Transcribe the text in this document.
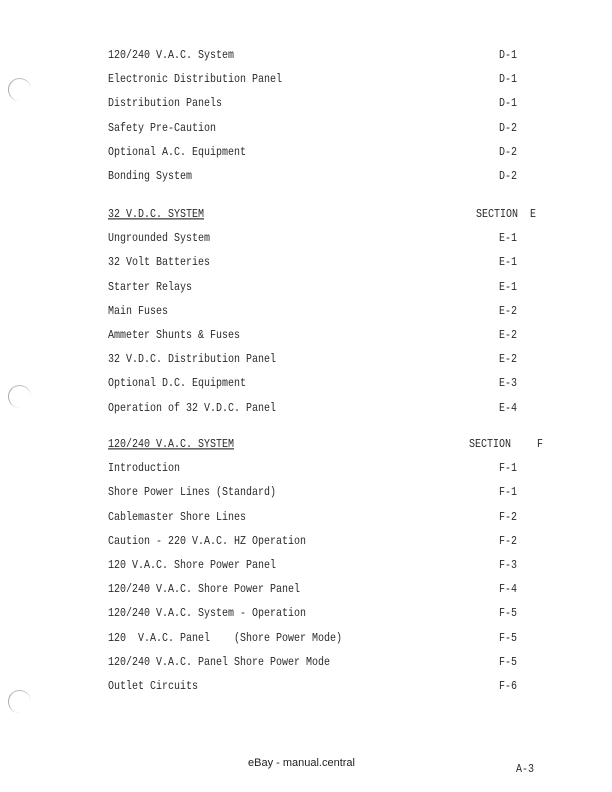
120/240 V.A.C. System	D-1
Electronic Distribution Panel	D-1
Distribution Panels	D-1
Safety Pre-Caution	D-2
Optional A.C. Equipment	D-2
Bonding System	D-2
32 V.D.C. SYSTEM	SECTION E
Ungrounded System	E-1
32 Volt Batteries	E-1
Starter Relays	E-1
Main Fuses	E-2
Ammeter Shunts & Fuses	E-2
32 V.D.C. Distribution Panel	E-2
Optional D.C. Equipment	E-3
Operation of 32 V.D.C. Panel	E-4
120/240 V.A.C. SYSTEM	SECTION	F
Introduction	F-1
Shore Power Lines (Standard)	F-1
Cablemaster Shore Lines	F-2
Caution - 220 V.A.C. HZ Operation	F-2
120 V.A.C. Shore Power Panel	F-3
120/240 V.A.C. Shore Power Panel	F-4
120/240 V.A.C. System - Operation	F-5
120  V.A.C. Panel    (Shore Power Mode)	F-5
120/240 V.A.C. Panel Shore Power Mode	F-5
Outlet Circuits	F-6
eBay - manual.central
A-3
